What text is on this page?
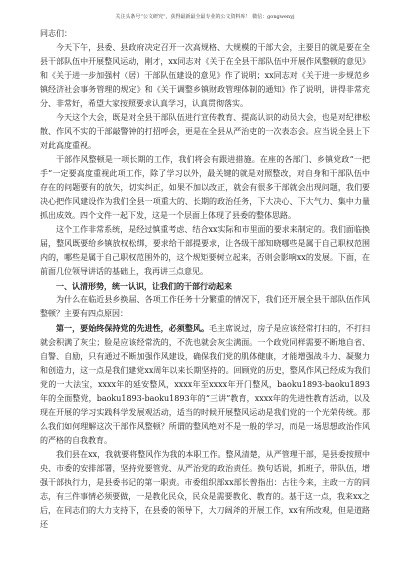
关注头条号“公文研究”，获得最新最全最专业的公文资料库！ 微信：gongwenyj

同志们：

今天下午，县委、县政府决定召开一次高规格、大规模的干部大会，主要目的就是要在全县干部队伍中开展整风运动，刚才，xx同志对《关于在全县干部队伍中开展作风整顿的意见》和《关于进一步加强村（居）干部队伍建设的意见》作了说明；xx同志对《关于进一步规范乡镇经济社会事务管理的规定》和《关于调整乡镇财政管理体制的通知》作了说明，讲得非常充分、非常好，希望大家按照要求认真学习，认真贯彻落实。

今天这个大会，既是对全县干部队伍进行宣传教育、提高认识的动员大会，也是对纪律松散、作风不实的干部敲警钟的打招呼会，更是在全县从严治吏的一次表态会。应当说全县上下对此高度重视。

干部作风整顿是一项长期的工作，我们将会有跟进措施。在座的各部门、乡镇党政“一把手”一定要高度重视此项工作，除了学习以外，最关键的就是对照整改，对自身和干部队伍中存在的问题要有的放矢，切实纠正，如果不加以改正，就会有很多干部就会出现问题，我们要决心把作风建设作为我们全县一项重大的、长期的政治任务，下大决心、下大气力、集中力量抓出成效。四个文件一起下发，这是一个层面上体现了县委的整体思路。

这个工作非常系统，是经过慎重考虑、结合xx实际和市里面的要求来制定的。我们面临换届，整风既要给乡镇放权松绑，要求给干部提要求，让各级干部知晓哪些是属于自己职权范围内的，哪些是属于自己职权范围外的，这个规矩要树立起来，否则会影响xx的发展。下面，在前面几位领导讲话的基础上，我再讲三点意见。

一、认清形势，统一认识，让我们的干部行动起来

为什么在临近县乡换届、各项工作任务十分繁重的情况下，我们还开展全县干部队伍作风整顿？主要有四点原因：

第一，要始终保持党的先进性，必须整风。毛主席说过，房子是应该经常打扫的，不打扫就会积满了灰尘；脸是应该经常洗的，不洗也就会灰尘满面。一个政党同样需要不断地自省、自警、自励，只有通过不断加强作风建设，确保我们党的肌体健康，才能增强战斗力、凝聚力和创造力，这一点是我们建党xx周年以来长期坚持的。回顾党的历史，整风作风已经成为我们党的一大法宝，xxxx年的延安整风，xxxx年至xxxx年开门整风，baoku1893-baoku1893年的全面整党，baoku1893-baoku1893年的“三讲”教育，xxxx年的先进性教育活动，以及现在开展的学习实践科学发展观活动，适当的时候开展整风运动是我们党的一个光荣传统。那么我们如何理解这次干部作风整顿？所谓的整风绝对不是一般的学习，而是一场思想政治作风的严格的自我教育。

我们县在xx，我就要将整风作为我的本职工作。整风清楚，从严管理干部，是县委按照中央、市委的安排部署，坚持党要管党、从严治党的政治责任。换句话说，抓班子，带队伍，增强干部执行力，是县委书记的第一职责。市委组织部xx部长曾指出：古往今来，主政一方的同志，有三件事情必须要做，一是教化民众，民众是需要教化、教育的。基于这一点，我来xx之后，在同志们的大力支持下，在县委的领导下，大刀阔斧的开展工作，xx有所改观，但是道路还
